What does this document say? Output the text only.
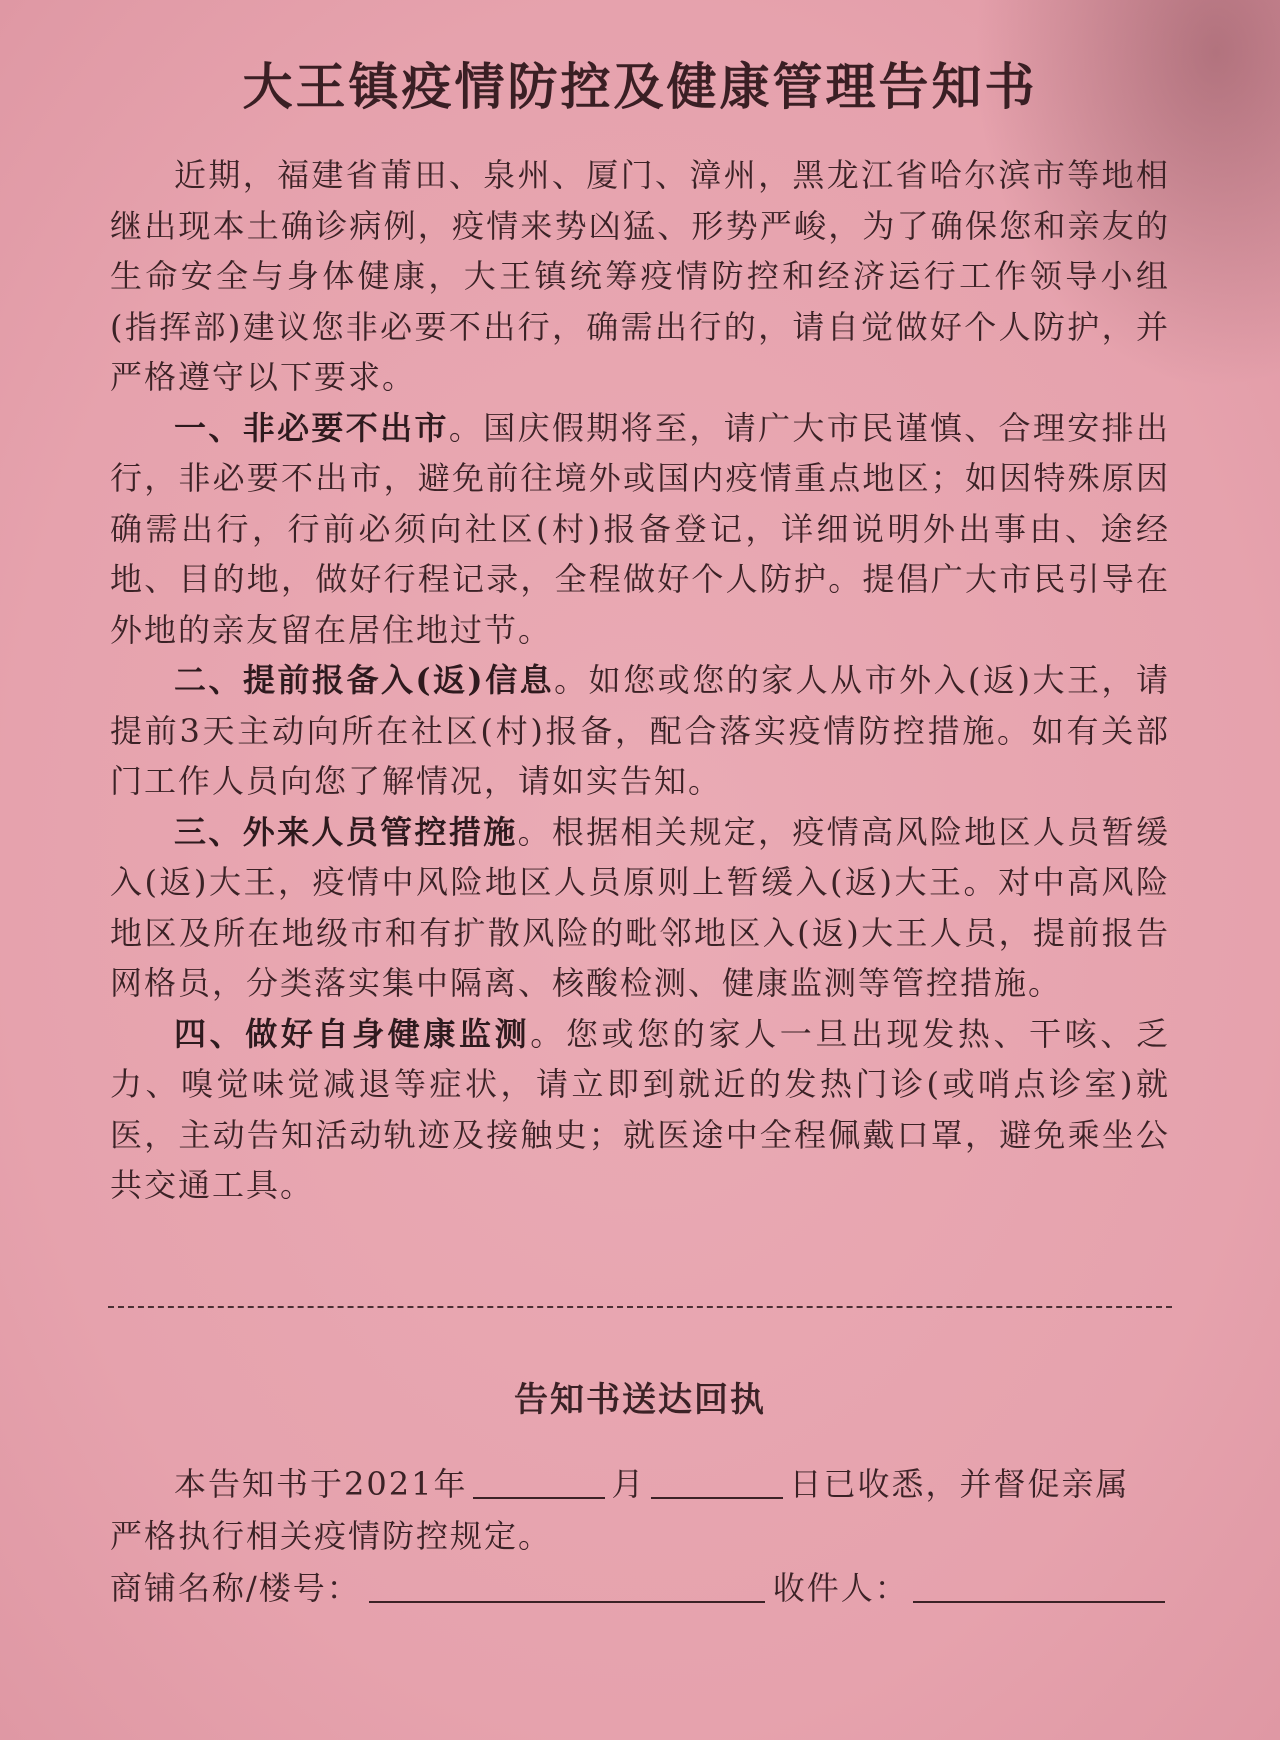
大王镇疫情防控及健康管理告知书

近期，福建省莆田、泉州、厦门、漳州，黑龙江省哈尔滨市等地相继出现本土确诊病例，疫情来势凶猛、形势严峻，为了确保您和亲友的生命安全与身体健康，大王镇统筹疫情防控和经济运行工作领导小组(指挥部)建议您非必要不出行，确需出行的，请自觉做好个人防护，并严格遵守以下要求。

一、非必要不出市。国庆假期将至，请广大市民谨慎、合理安排出行，非必要不出市，避免前往境外或国内疫情重点地区；如因特殊原因确需出行，行前必须向社区(村)报备登记，详细说明外出事由、途经地、目的地，做好行程记录，全程做好个人防护。提倡广大市民引导在外地的亲友留在居住地过节。

二、提前报备入(返)信息。如您或您的家人从市外入(返)大王，请提前3天主动向所在社区(村)报备，配合落实疫情防控措施。如有关部门工作人员向您了解情况，请如实告知。

三、外来人员管控措施。根据相关规定，疫情高风险地区人员暂缓入(返)大王，疫情中风险地区人员原则上暂缓入(返)大王。对中高风险地区及所在地级市和有扩散风险的毗邻地区入(返)大王人员，提前报告网格员，分类落实集中隔离、核酸检测、健康监测等管控措施。

四、做好自身健康监测。您或您的家人一旦出现发热、干咳、乏力、嗅觉味觉减退等症状，请立即到就近的发热门诊(或哨点诊室)就医，主动告知活动轨迹及接触史；就医途中全程佩戴口罩，避免乘坐公共交通工具。

告知书送达回执
本告知书于2021年	月	日已收悉，并督促亲属
严格执行相关疫情防控规定。
商铺名称/楼号：	收件人：
